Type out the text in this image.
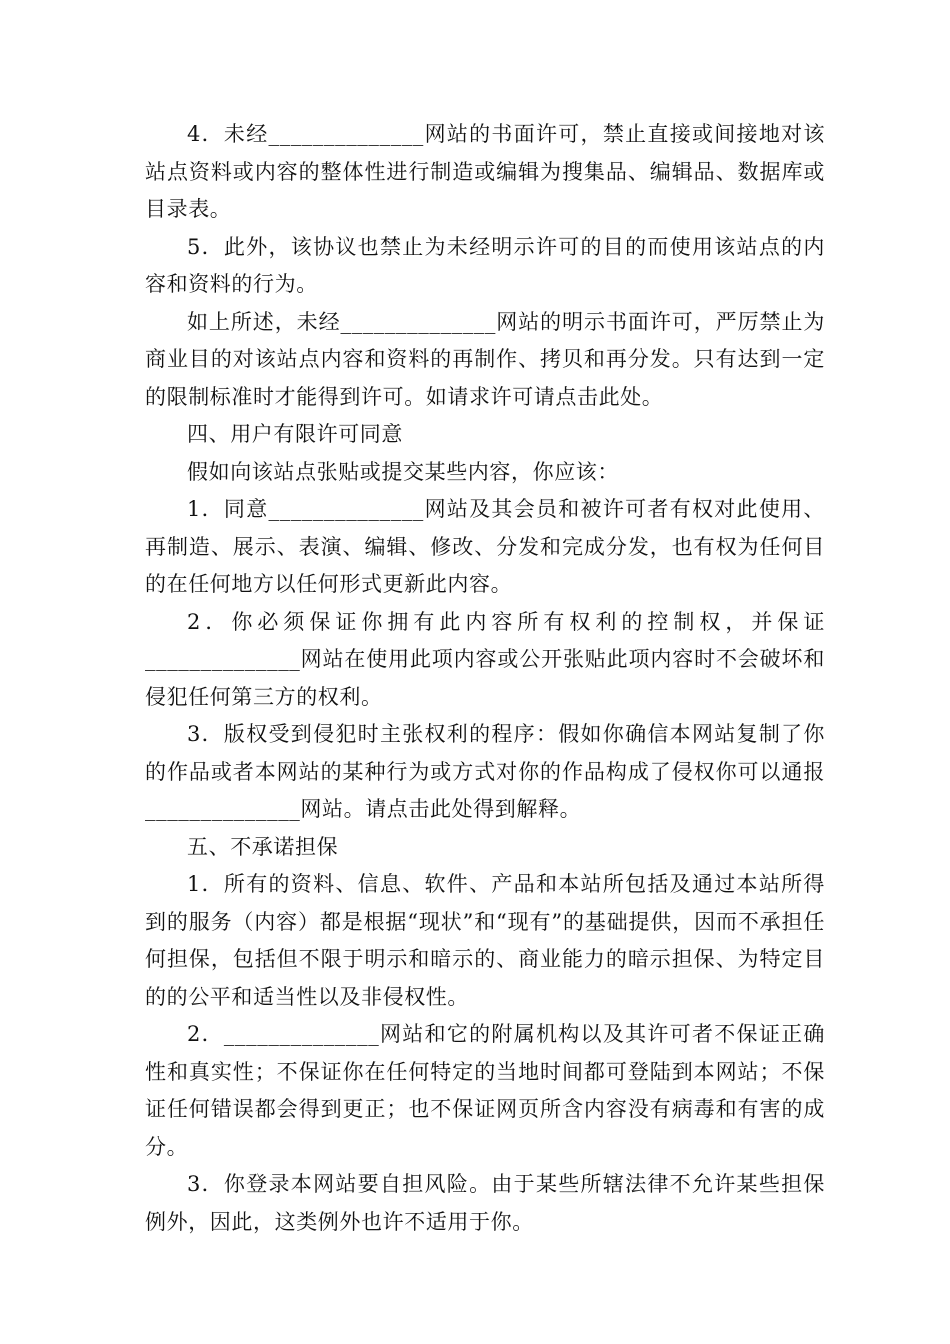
4．未经______________网站的书面许可，禁止直接或间接地对该站点资料或内容的整体性进行制造或编辑为搜集品、编辑品、数据库或目录表。

5．此外，该协议也禁止为未经明示许可的目的而使用该站点的内容和资料的行为。

如上所述，未经______________网站的明示书面许可，严厉禁止为商业目的对该站点内容和资料的再制作、拷贝和再分发。只有达到一定的限制标准时才能得到许可。如请求许可请点击此处。

四、用户有限许可同意

假如向该站点张贴或提交某些内容，你应该：

1．同意______________网站及其会员和被许可者有权对此使用、再制造、展示、表演、编辑、修改、分发和完成分发，也有权为任何目的在任何地方以任何形式更新此内容。

2．你必须保证你拥有此内容所有权利的控制权，并保证______________网站在使用此项内容或公开张贴此项内容时不会破坏和侵犯任何第三方的权利。

3．版权受到侵犯时主张权利的程序：假如你确信本网站复制了你的作品或者本网站的某种行为或方式对你的作品构成了侵权你可以通报______________网站。请点击此处得到解释。

五、不承诺担保

1．所有的资料、信息、软件、产品和本站所包括及通过本站所得到的服务（内容）都是根据“现状”和“现有”的基础提供，因而不承担任何担保，包括但不限于明示和暗示的、商业能力的暗示担保、为特定目的的公平和适当性以及非侵权性。

2．______________网站和它的附属机构以及其许可者不保证正确性和真实性；不保证你在任何特定的当地时间都可登陆到本网站；不保证任何错误都会得到更正；也不保证网页所含内容没有病毒和有害的成分。

3．你登录本网站要自担风险。由于某些所辖法律不允许某些担保例外，因此，这类例外也许不适用于你。
